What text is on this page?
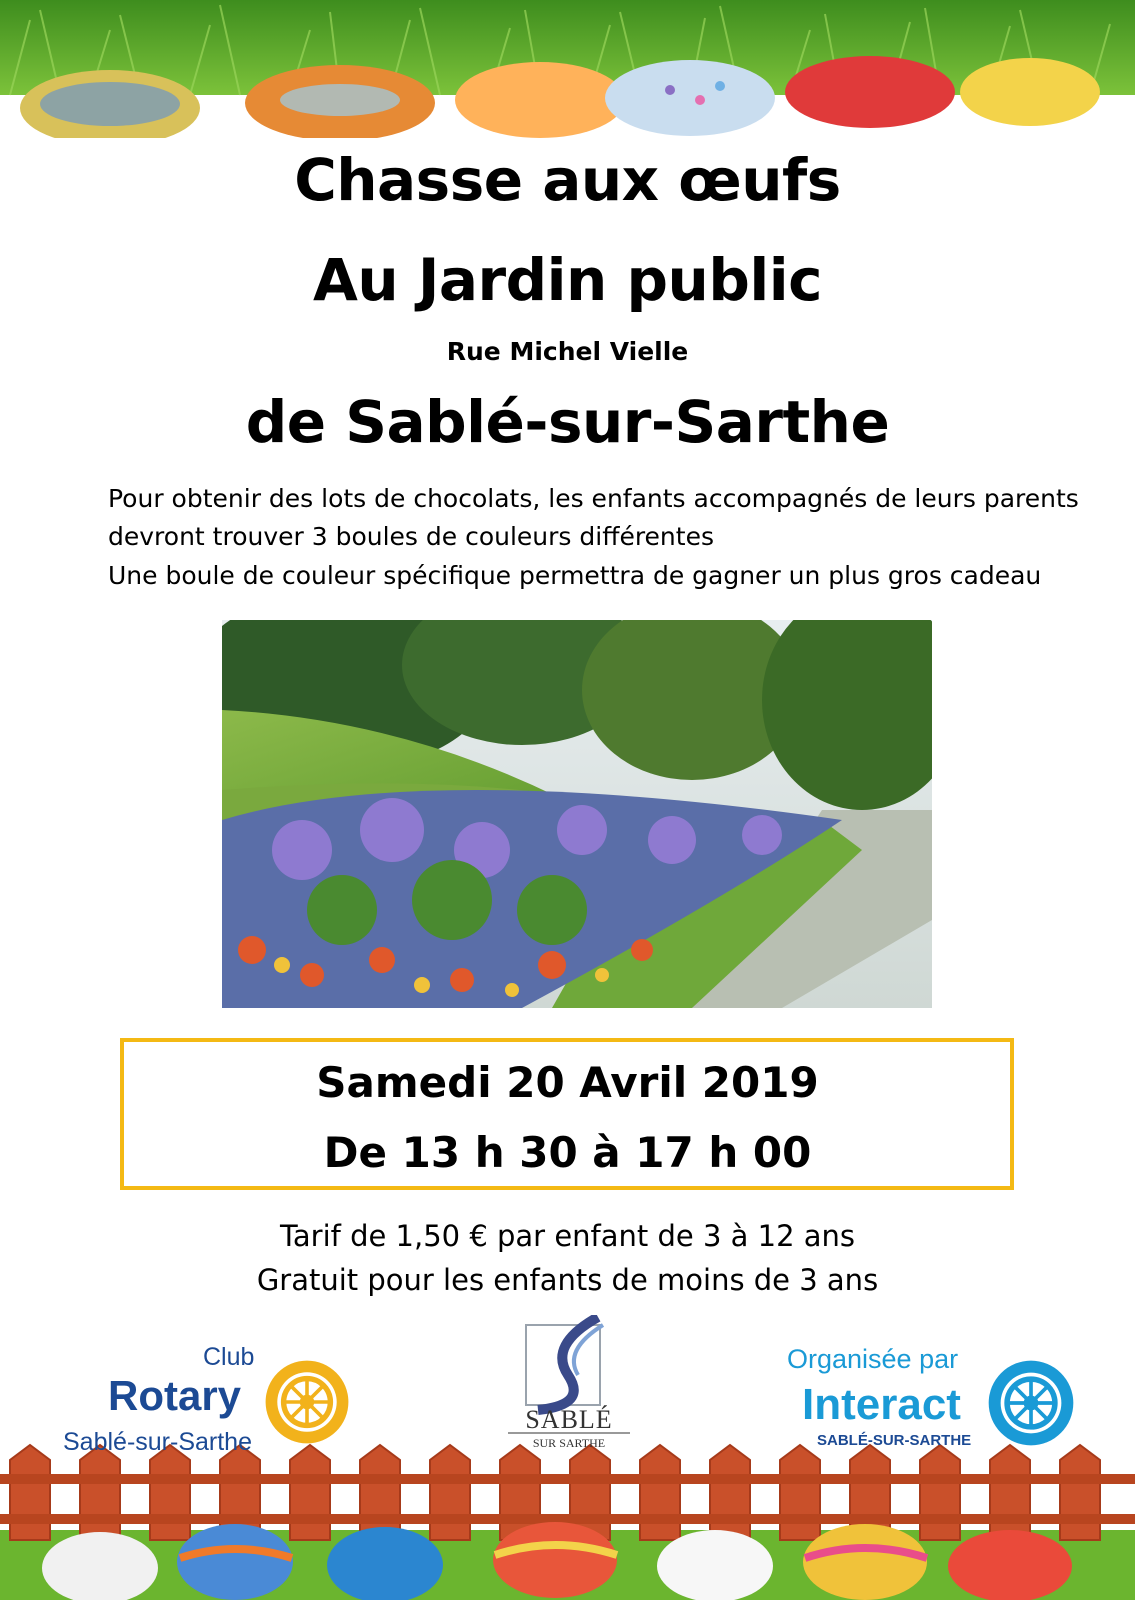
Chasse aux œufs
Au Jardin public
Rue Michel Vielle
de Sablé-sur-Sarthe
Pour obtenir des lots de chocolats, les enfants accompagnés de leurs parents
devront trouver 3 boules de couleurs différentes
Une boule de couleur spécifique permettra de gagner un plus gros cadeau
Samedi 20 Avril 2019
De 13 h 30 à 17 h 00
Tarif de 1,50 € par enfant de 3 à 12 ans
Gratuit pour les enfants de moins de 3 ans
Club
Rotary
Sablé-sur-Sarthe
SABLÉ
SUR SARTHE
Organisée par
Interact
SABLÉ-SUR-SARTHE
